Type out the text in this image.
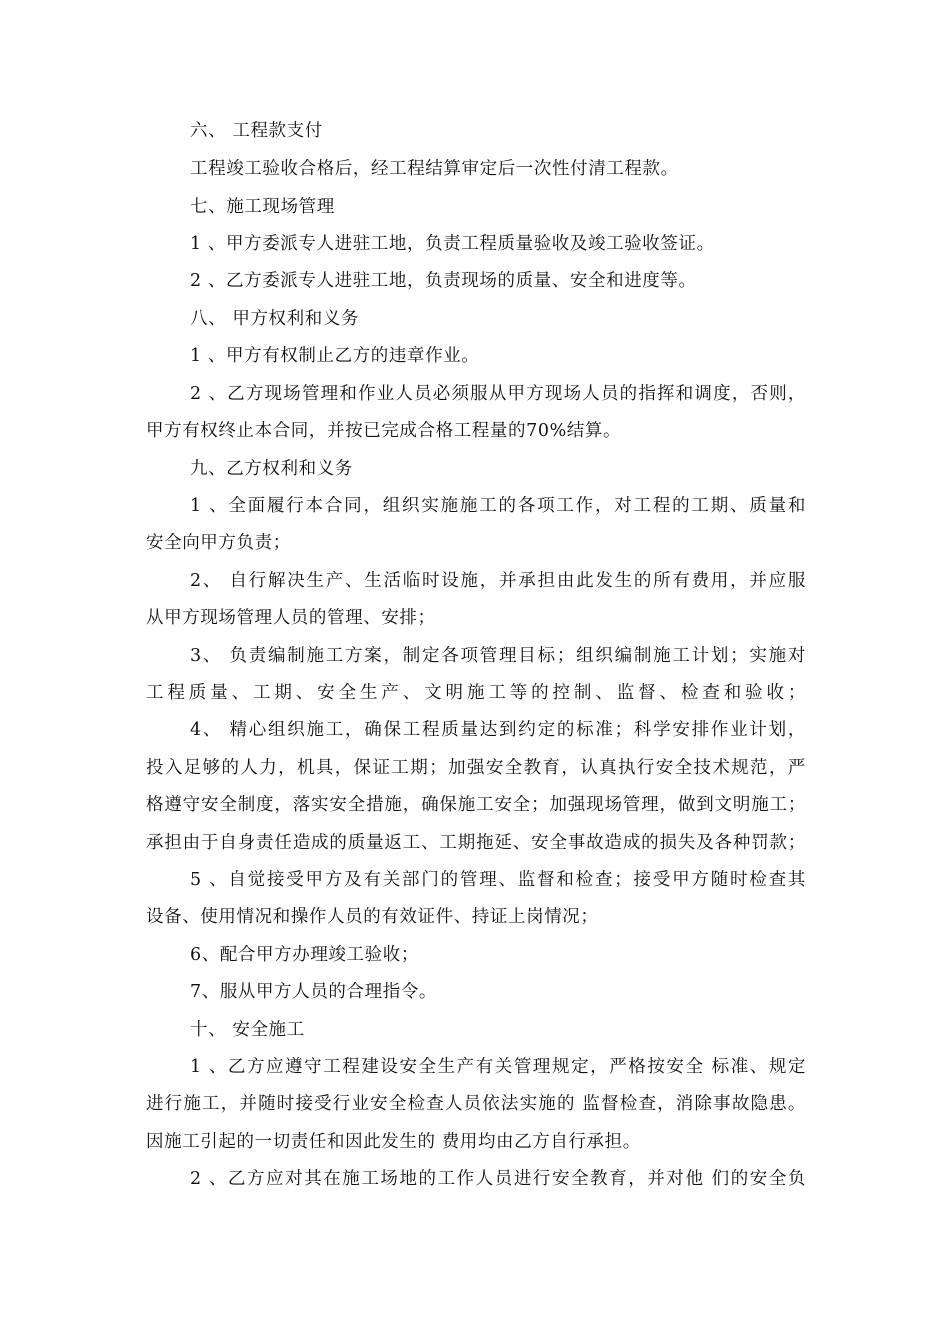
六、 工程款支付
工程竣工验收合格后，经工程结算审定后一次性付清工程款。
七、施工现场管理
1 、甲方委派专人进驻工地，负责工程质量验收及竣工验收签证。
2 、乙方委派专人进驻工地，负责现场的质量、安全和进度等。
八、 甲方权利和义务
1 、甲方有权制止乙方的违章作业。
2 、乙方现场管理和作业人员必须服从甲方现场人员的指挥和调度，否则，
甲方有权终止本合同，并按已完成合格工程量的70%结算。
九、乙方权利和义务
1 、全面履行本合同，组织实施施工的各项工作，对工程的工期、质量和
安全向甲方负责；
2、 自行解决生产、生活临时设施，并承担由此发生的所有费用，并应服
从甲方现场管理人员的管理、安排；
3、 负责编制施工方案，制定各项管理目标；组织编制施工计划；实施对
工程质量、工期、安全生产、文明施工等的控制、监督、检查和验收；
4、 精心组织施工，确保工程质量达到约定的标准；科学安排作业计划，
投入足够的人力，机具，保证工期；加强安全教育，认真执行安全技术规范，严
格遵守安全制度，落实安全措施，确保施工安全；加强现场管理，做到文明施工；
承担由于自身责任造成的质量返工、工期拖延、安全事故造成的损失及各种罚款；
5 、自觉接受甲方及有关部门的管理、监督和检查；接受甲方随时检查其
设备、使用情况和操作人员的有效证件、持证上岗情况；
6、配合甲方办理竣工验收；
7、服从甲方人员的合理指令。
十、 安全施工
1 、乙方应遵守工程建设安全生产有关管理规定，严格按安全 标准、规定
进行施工，并随时接受行业安全检查人员依法实施的 监督检查，消除事故隐患。
因施工引起的一切责任和因此发生的 费用均由乙方自行承担。
2 、乙方应对其在施工场地的工作人员进行安全教育，并对他 们的安全负
